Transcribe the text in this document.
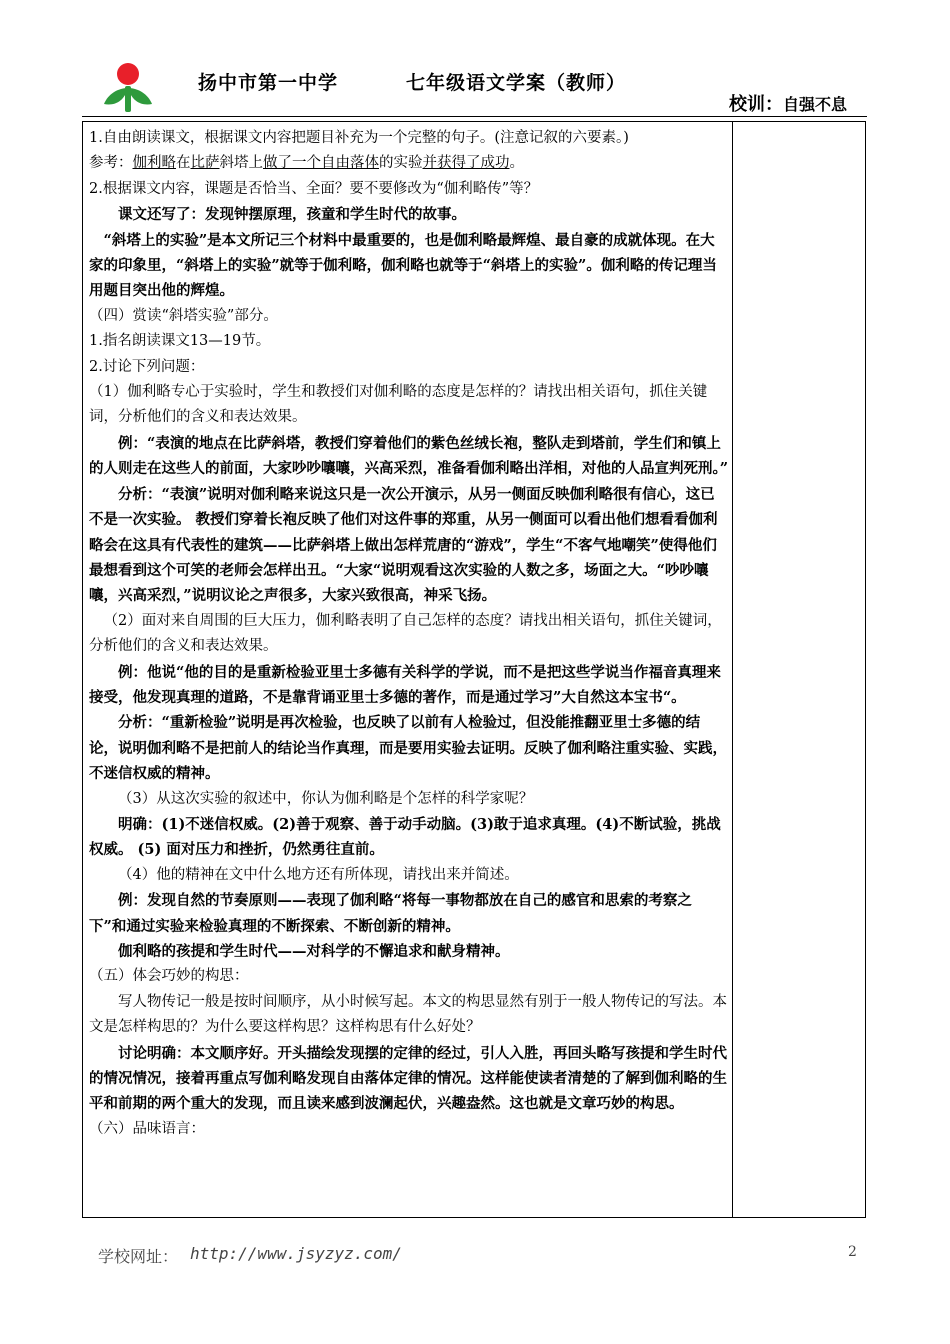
扬中市第一中学	七年级语文学案（教师）
校训：自强不息

1.自由朗读课文，根据课文内容把题目补充为一个完整的句子。(注意记叙的六要素。)

参考：伽利略在比萨斜塔上做了一个自由落体的实验并获得了成功。

2.根据课文内容，课题是否恰当、全面？要不要修改为“伽利略传”等？

课文还写了：发现钟摆原理，孩童和学生时代的故事。

“斜塔上的实验”是本文所记三个材料中最重要的，也是伽利略最辉煌、最自豪的成就体现。在大家的印象里，“斜塔上的实验”就等于伽利略，伽利略也就等于“斜塔上的实验”。伽利略的传记理当用题目突出他的辉煌。

（四）赏读“斜塔实验”部分。

1.指名朗读课文13—19节。

2.讨论下列问题：

（1）伽利略专心于实验时，学生和教授们对伽利略的态度是怎样的？请找出相关语句，抓住关键词，分析他们的含义和表达效果。

例：“表演的地点在比萨斜塔，教授们穿着他们的紫色丝绒长袍，整队走到塔前，学生们和镇上的人则走在这些人的前面，大家吵吵嚷嚷，兴高采烈，准备看伽利略出洋相，对他的人品宣判死刑。”

分析：“表演”说明对伽利略来说这只是一次公开演示，从另一侧面反映伽利略很有信心，这已不是一次实验。 教授们穿着长袍反映了他们对这件事的郑重，从另一侧面可以看出他们想看看伽利略会在这具有代表性的建筑——比萨斜塔上做出怎样荒唐的“游戏”，学生“不客气地嘲笑”使得他们最想看到这个可笑的老师会怎样出丑。“大家“说明观看这次实验的人数之多，场面之大。“吵吵嚷嚷，兴高采烈，”说明议论之声很多，大家兴致很高，神采飞扬。

（2）面对来自周围的巨大压力，伽利略表明了自己怎样的态度？请找出相关语句，抓住关键词，分析他们的含义和表达效果。

例：他说“他的目的是重新检验亚里士多德有关科学的学说，而不是把这些学说当作福音真理来接受，他发现真理的道路，不是靠背诵亚里士多德的著作，而是通过学习”大自然这本宝书“。

分析：“重新检验”说明是再次检验，也反映了以前有人检验过，但没能推翻亚里士多德的结论，说明伽利略不是把前人的结论当作真理，而是要用实验去证明。反映了伽利略注重实验、实践，不迷信权威的精神。

（3）从这次实验的叙述中，你认为伽利略是个怎样的科学家呢？

明确：(1)不迷信权威。(2)善于观察、善于动手动脑。(3)敢于追求真理。(4)不断试验，挑战权威。 (5) 面对压力和挫折，仍然勇往直前。

（4）他的精神在文中什么地方还有所体现，请找出来并简述。

例：发现自然的节奏原则——表现了伽利略“将每一事物都放在自己的感官和思索的考察之下”和通过实验来检验真理的不断探索、不断创新的精神。

伽利略的孩提和学生时代——对科学的不懈追求和献身精神。

（五）体会巧妙的构思：

写人物传记一般是按时间顺序，从小时候写起。本文的构思显然有别于一般人物传记的写法。本文是怎样构思的？为什么要这样构思？这样构思有什么好处？

讨论明确：本文顺序好。开头描绘发现摆的定律的经过，引人入胜，再回头略写孩提和学生时代的情况情况，接着再重点写伽利略发现自由落体定律的情况。这样能使读者清楚的了解到伽利略的生平和前期的两个重大的发现，而且读来感到波澜起伏，兴趣盎然。这也就是文章巧妙的构思。

（六）品味语言：

学校网址： http://www.jsyzyz.com/	2
